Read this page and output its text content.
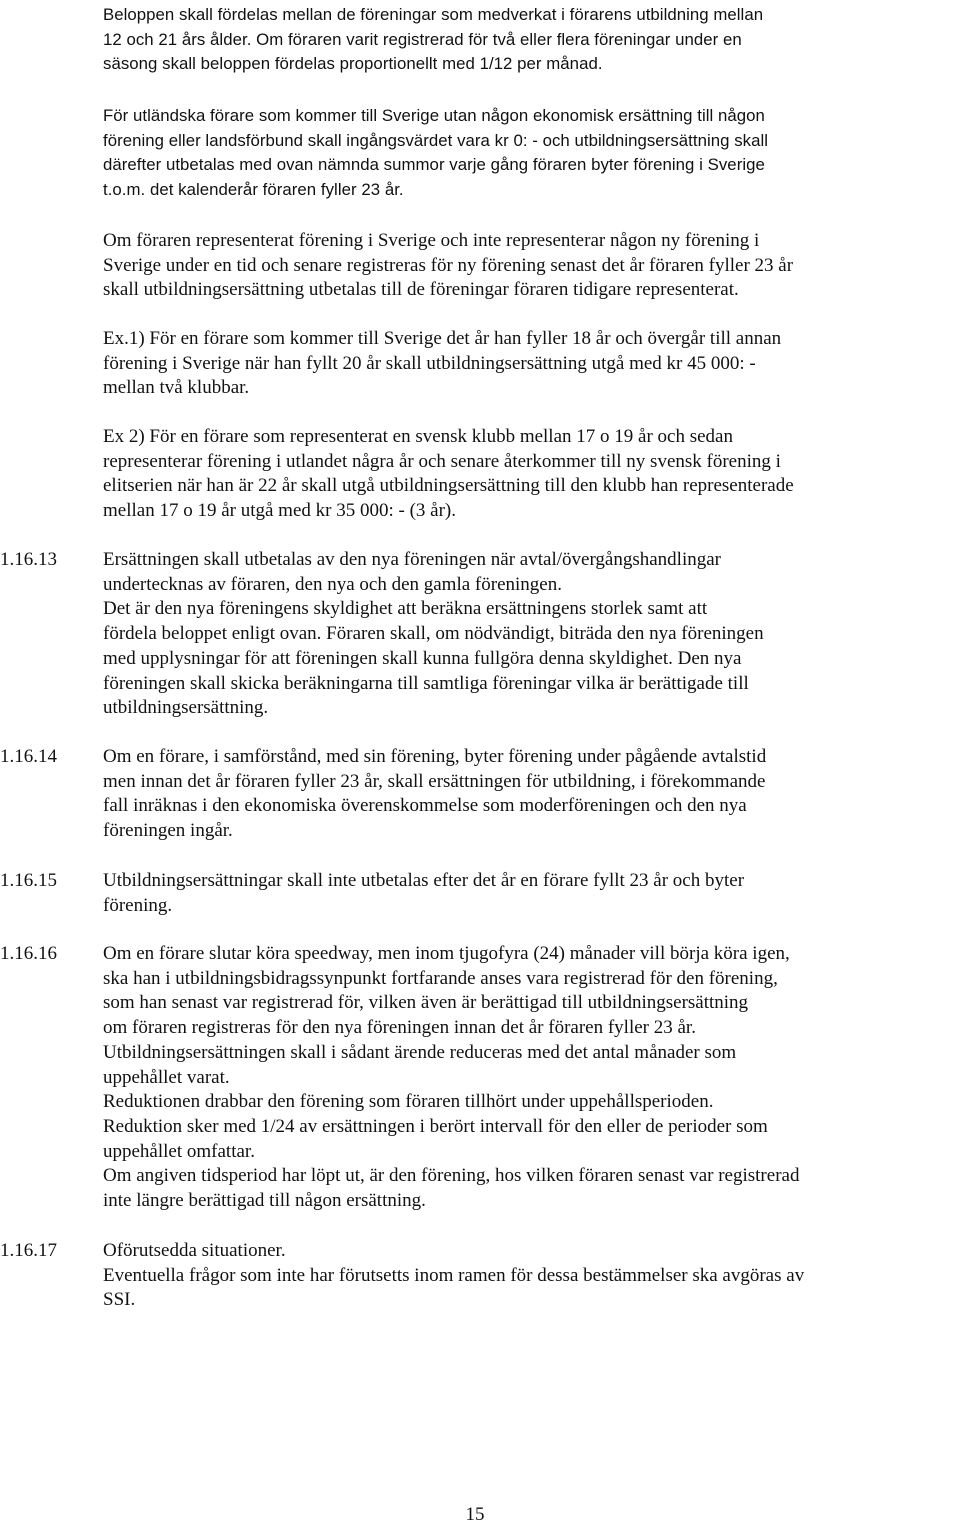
Beloppen skall fördelas mellan de föreningar som medverkat i förarens utbildning mellan
12 och 21 års ålder. Om föraren varit registrerad för två eller flera föreningar under en
säsong skall beloppen fördelas proportionellt med 1/12 per månad.
För utländska förare som kommer till Sverige utan någon ekonomisk ersättning till någon
förening eller landsförbund skall ingångsvärdet vara kr 0: - och utbildningsersättning skall
därefter utbetalas med ovan nämnda summor varje gång föraren byter förening i Sverige
t.o.m. det kalenderår föraren fyller 23 år.
Om föraren representerat förening i Sverige och inte representerar någon ny förening i
Sverige under en tid och senare registreras för ny förening senast det år föraren fyller 23 år
skall utbildningsersättning utbetalas till de föreningar föraren tidigare representerat.
Ex.1) För en förare som kommer till Sverige det år han fyller 18 år och övergår till annan
förening i Sverige när han fyllt 20 år skall utbildningsersättning utgå med kr 45 000: -
mellan två klubbar.
Ex 2) För en förare som representerat en svensk klubb mellan 17 o 19 år och sedan
representerar förening i utlandet några år och senare återkommer till ny svensk förening i
elitserien när han är 22 år skall utgå utbildningsersättning till den klubb han representerade
mellan 17 o 19 år utgå med kr 35 000: - (3 år).

1.16.13	Ersättningen skall utbetalas av den nya föreningen när avtal/övergångshandlingar
undertecknas av föraren, den nya och den gamla föreningen.
Det är den nya föreningens skyldighet att beräkna ersättningens storlek samt att
fördela beloppet enligt ovan. Föraren skall, om nödvändigt, biträda den nya föreningen
med upplysningar för att föreningen skall kunna fullgöra denna skyldighet. Den nya
föreningen skall skicka beräkningarna till samtliga föreningar vilka är berättigade till
utbildningsersättning.

1.16.14	Om en förare, i samförstånd, med sin förening, byter förening under pågående avtalstid
men innan det år föraren fyller 23 år, skall ersättningen för utbildning, i förekommande
fall inräknas i den ekonomiska överenskommelse som moderföreningen och den nya
föreningen ingår.

1.16.15	Utbildningsersättningar skall inte utbetalas efter det år en förare fyllt 23 år och byter
förening.

1.16.16	Om en förare slutar köra speedway, men inom tjugofyra (24) månader vill börja köra igen,
ska han i utbildningsbidragssynpunkt fortfarande anses vara registrerad för den förening,
som han senast var registrerad för, vilken även är berättigad till utbildningsersättning
om föraren registreras för den nya föreningen innan det år föraren fyller 23 år.
Utbildningsersättningen skall i sådant ärende reduceras med det antal månader som
uppehållet varat.
Reduktionen drabbar den förening som föraren tillhört under uppehållsperioden.
Reduktion sker med 1/24 av ersättningen i berört intervall för den eller de perioder som
uppehållet omfattar.
Om angiven tidsperiod har löpt ut, är den förening, hos vilken föraren senast var registrerad
inte längre berättigad till någon ersättning.

1.16.17	Oförutsedda situationer.
Eventuella frågor som inte har förutsetts inom ramen för dessa bestämmelser ska avgöras av
SSI.
15
